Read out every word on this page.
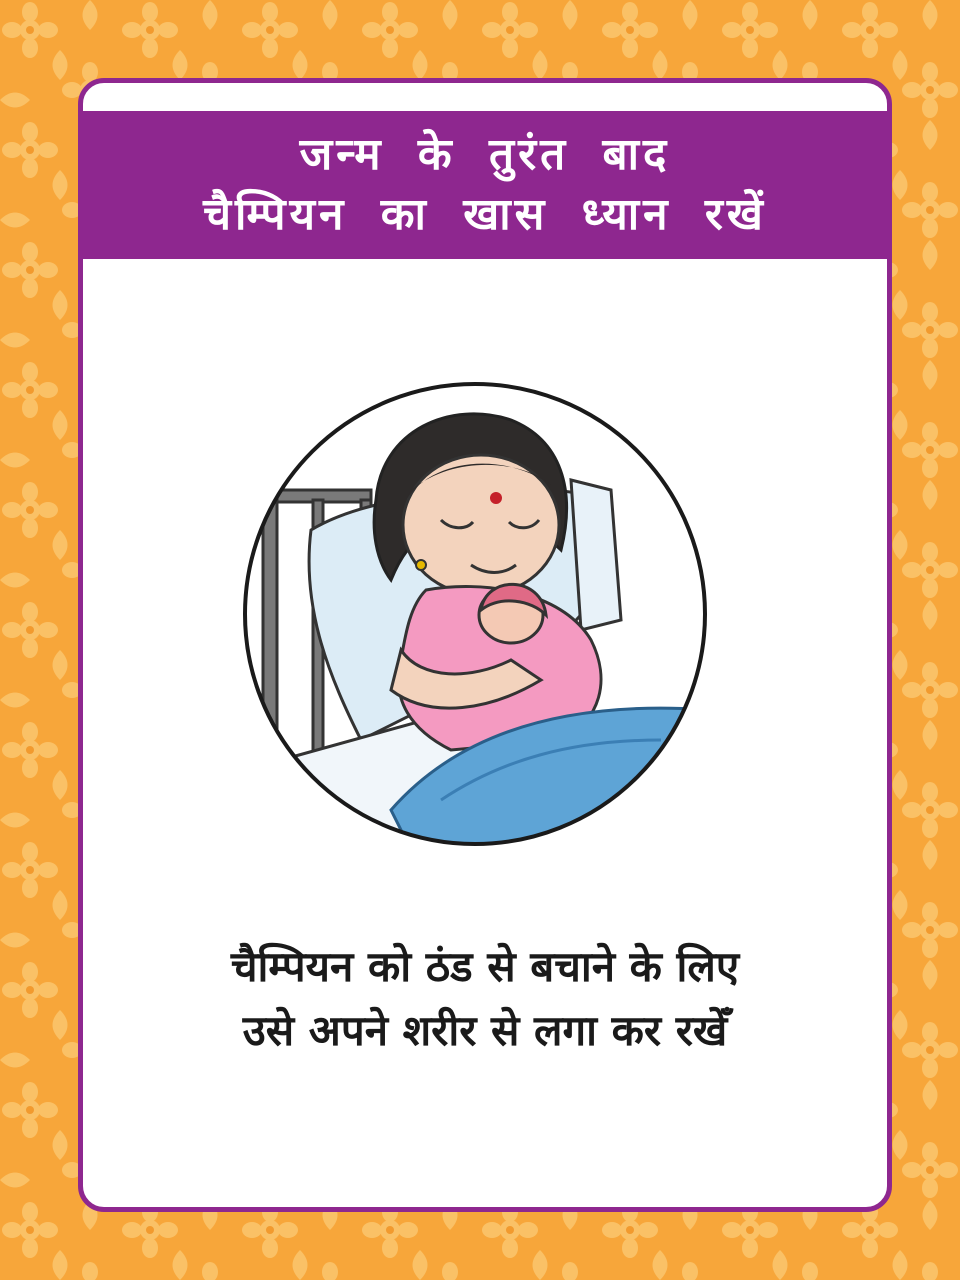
जन्म के तुरंत बाद
चैम्पियन का खास ध्यान रखें
चैम्पियन को ठंड से बचाने के लिए
उसे अपने शरीर से लगा कर रखेँ
